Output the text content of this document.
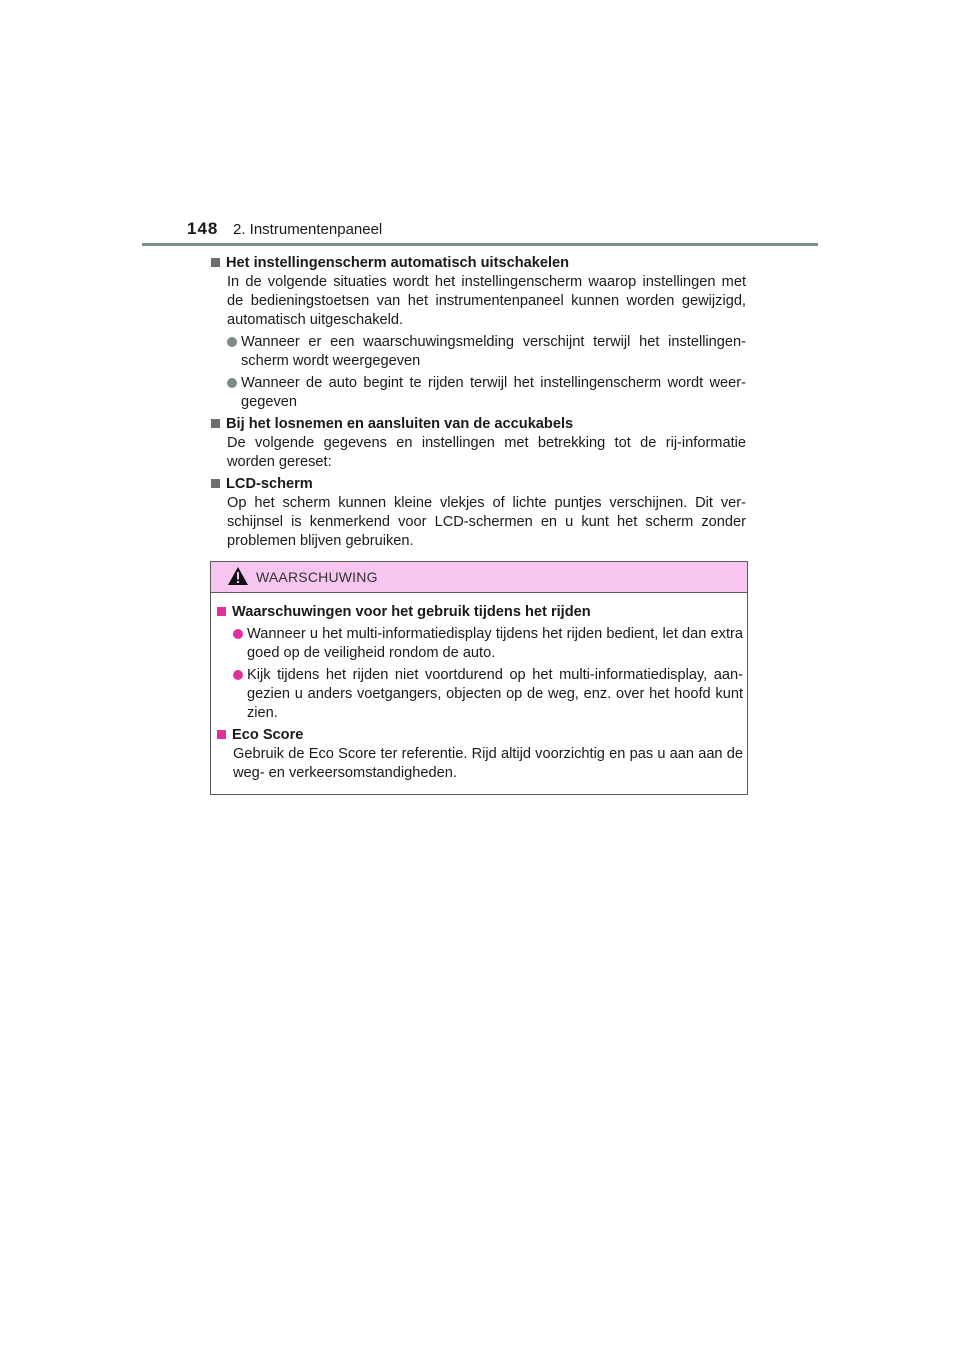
148 2. Instrumentenpaneel
Het instellingenscherm automatisch uitschakelen
In de volgende situaties wordt het instellingenscherm waarop instellingen met de bedieningstoetsen van het instrumentenpaneel kunnen worden gewijzigd, automatisch uitgeschakeld.
Wanneer er een waarschuwingsmelding verschijnt terwijl het instellingen- scherm wordt weergegeven
Wanneer de auto begint te rijden terwijl het instellingenscherm wordt weer- gegeven
Bij het losnemen en aansluiten van de accukabels
De volgende gegevens en instellingen met betrekking tot de rij-informatie worden gereset:
LCD-scherm
Op het scherm kunnen kleine vlekjes of lichte puntjes verschijnen. Dit ver- schijnsel is kenmerkend voor LCD-schermen en u kunt het scherm zonder problemen blijven gebruiken.
WAARSCHUWING
Waarschuwingen voor het gebruik tijdens het rijden
Wanneer u het multi-informatiedisplay tijdens het rijden bedient, let dan extra goed op de veiligheid rondom de auto.
Kijk tijdens het rijden niet voortdurend op het multi-informatiedisplay, aan- gezien u anders voetgangers, objecten op de weg, enz. over het hoofd kunt zien.
Eco Score
Gebruik de Eco Score ter referentie. Rijd altijd voorzichtig en pas u aan aan de weg- en verkeersomstandigheden.
